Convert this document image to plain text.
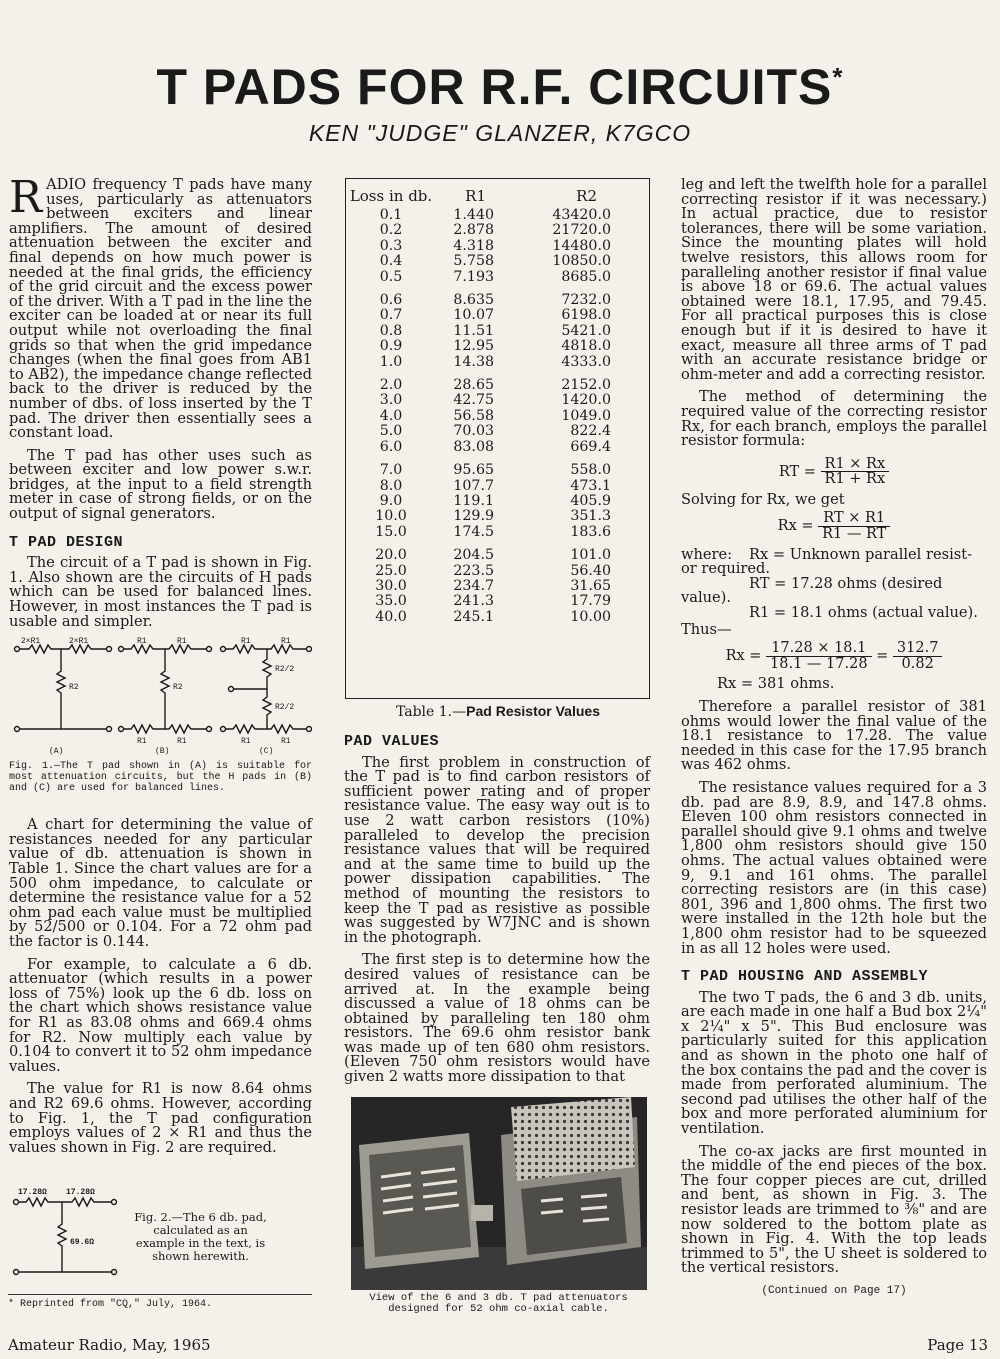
T PADS FOR R.F. CIRCUITS*
KEN "JUDGE" GLANZER, K7GCO

RADIO frequency T pads have many uses, particularly as attenuators between exciters and linear amplifiers. The amount of desired attenuation between the exciter and final depends on how much power is needed at the final grids, the efficiency of the grid circuit and the excess power of the driver. With a T pad in the line the exciter can be loaded at or near its full output while not overloading the final grids so that when the grid impedance changes (when the final goes from AB1 to AB2), the impedance change reflected back to the driver is reduced by the number of dbs. of loss inserted by the T pad. The driver then essentially sees a constant load.

The T pad has other uses such as between exciter and low power s.w.r. bridges, at the input to a field strength meter in case of strong fields, or on the output of signal generators.

T PAD DESIGN

The circuit of a T pad is shown in Fig. 1. Also shown are the circuits of H pads which can be used for balanced lines. However, in most instances the T pad is usable and simpler.

2×R1	2×R1
R2
R1	R1
R2
R1	R1
R1	R1
R2/2
R2/2
R1	R1
(A)	(B)	(C)

Fig. 1.—The T pad shown in (A) is suitable for most attenuation circuits, but the H pads in (B) and (C) are used for balanced lines.

A chart for determining the value of resistances needed for any particular value of db. attenuation is shown in Table 1. Since the chart values are for a 500 ohm impedance, to calculate or determine the resistance value for a 52 ohm pad each value must be multiplied by 52/500 or 0.104. For a 72 ohm pad the factor is 0.144.

For example, to calculate a 6 db. attenuator (which results in a power loss of 75%) look up the 6 db. loss on the chart which shows resistance value for R1 as 83.08 ohms and 669.4 ohms for R2. Now multiply each value by 0.104 to convert it to 52 ohm impedance values.

The value for R1 is now 8.64 ohms and R2 69.6 ohms. However, according to Fig. 1, the T pad configuration employs values of 2 × R1 and thus the values shown in Fig. 2 are required.

17.28Ω 17.28Ω
69.6Ω
Fig. 2.—The 6 db. pad, calculated as an example in the text, is shown herewith.
* Reprinted from "CQ," July, 1964.
Loss in db.	R1	R2
0.1	1.440	43420.0
0.2	2.878	21720.0
0.3	4.318	14480.0
0.4	5.758	10850.0
0.5	7.193	8685.0
0.6	8.635	7232.0
0.7	10.07	6198.0
0.8	11.51	5421.0
0.9	12.95	4818.0
1.0	14.38	4333.0
2.0	28.65	2152.0
3.0	42.75	1420.0
4.0	56.58	1049.0
5.0	70.03	822.4
6.0	83.08	669.4
7.0	95.65	558.0
8.0	107.7	473.1
9.0	119.1	405.9
10.0	129.9	351.3
15.0	174.5	183.6
20.0	204.5	101.0
25.0	223.5	56.40
30.0	234.7	31.65
35.0	241.3	17.79
40.0	245.1	10.00
Table 1.—Pad Resistor Values
PAD VALUES

The first problem in construction of the T pad is to find carbon resistors of sufficient power rating and of proper resistance value. The easy way out is to use 2 watt carbon resistors (10%) paralleled to develop the precision resistance values that will be required and at the same time to build up the power dissipation capabilities. The method of mounting the resistors to keep the T pad as resistive as possible was suggested by W7JNC and is shown in the photograph.

The first step is to determine how the desired values of resistance can be arrived at. In the example being discussed a value of 18 ohms can be obtained by paralleling ten 180 ohm resistors. The 69.6 ohm resistor bank was made up of ten 680 ohm resistors. (Eleven 750 ohm resistors would have given 2 watts more dissipation to that

View of the 6 and 3 db. T pad attenuators designed for 52 ohm co-axial cable.

leg and left the twelfth hole for a parallel correcting resistor if it was necessary.) In actual practice, due to resistor tolerances, there will be some variation. Since the mounting plates will hold twelve resistors, this allows room for paralleling another resistor if final value is above 18 or 69.6. The actual values obtained were 18.1, 17.95, and 79.45. For all practical purposes this is close enough but if it is desired to have it exact, measure all three arms of T pad with an accurate resistance bridge or ohm-meter and add a correcting resistor.

The method of determining the required value of the correcting resistor Rx, for each branch, employs the parallel resistor formula:

RT = $\frac{R1 \times Rx}{R1 + Rx}$

Solving for Rx, we get

$Rx = \frac{RT \times R1}{R1 — RT}$

where: Rx = Unknown parallel resist-

or required.

RT = 17.28 ohms (desired

value).

R1 = 18.1 ohms (actual value).

Thus—

$Rx = \frac{17.28 \times 18.1}{18.1 — 17.28} = \frac{312.7}{0.82}$

Rx = 381 ohms.

Therefore a parallel resistor of 381 ohms would lower the final value of the 18.1 resistance to 17.28. The value needed in this case for the 17.95 branch was 462 ohms.

The resistance values required for a 3 db. pad are 8.9, 8.9, and 147.8 ohms. Eleven 100 ohm resistors connected in parallel should give 9.1 ohms and twelve 1,800 ohm resistors should give 150 ohms. The actual values obtained were 9, 9.1 and 161 ohms. The parallel correcting resistors are (in this case) 801, 396 and 1,800 ohms. The first two were installed in the 12th hole but the 1,800 ohm resistor had to be squeezed in as all 12 holes were used.

T PAD HOUSING AND ASSEMBLY

The two T pads, the 6 and 3 db. units, are each made in one half a Bud box 2¼" x 2¼" x 5". This Bud enclosure was particularly suited for this application and as shown in the photo one half of the box contains the pad and the cover is made from perforated aluminium. The second pad utilises the other half of the box and more perforated aluminium for ventilation.

The co-ax jacks are first mounted in the middle of the end pieces of the box. The four copper pieces are cut, drilled and bent, as shown in Fig. 3. The resistor leads are trimmed to ⅜" and are now soldered to the bottom plate as shown in Fig. 4. With the top leads trimmed to 5", the U sheet is soldered to the vertical resistors.

(Continued on Page 17)

Amateur Radio, May, 1965	Page 13
